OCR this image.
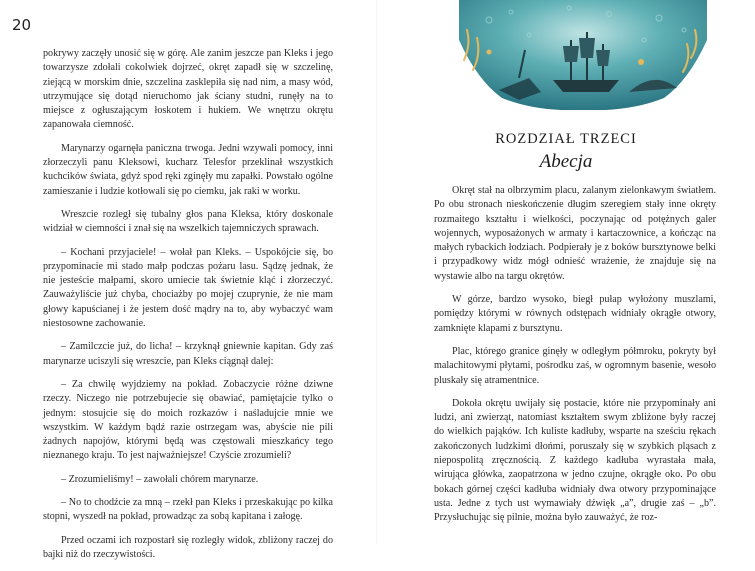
20

pokrywy zaczęły unosić się w górę. Ale zanim jeszcze pan Kleks i jego towarzysze zdołali cokolwiek dojrzeć, okręt zapadł się w szczelinę, ziejącą w morskim dnie, szczelina zasklepiła się nad nim, a masy wód, utrzymujące się dotąd nieruchomo jak ściany studni, runęły na to miejsce z ogłuszającym łoskotem i hukiem. We wnętrzu okrętu zapanowała ciemność.

Marynarzy ogarnęła paniczna trwoga. Jedni wzywali pomocy, inni złorzeczyli panu Kleksowi, kucharz Telesfor przeklinał wszystkich kuchcików świata, gdyż spod ręki zginęły mu zapałki. Powstało ogólne zamieszanie i ludzie kotłowali się po ciemku, jak raki w worku.

Wreszcie rozległ się tubalny głos pana Kleksa, który doskonale widział w ciemności i znał się na wszelkich tajemniczych sprawach.

– Kochani przyjaciele! – wołał pan Kleks. – Uspokójcie się, bo przypominacie mi stado małp podczas pożaru lasu. Sądzę jednak, że nie jesteście małpami, skoro umiecie tak świetnie kląć i złorzeczyć. Zauważyliście już chyba, chociażby po mojej czuprynie, że nie mam głowy kapuścianej i że jestem dość mądry na to, aby wybaczyć wam niestosowne zachowanie.

– Zamilczcie już, do licha! – krzyknął gniewnie kapitan. Gdy zaś marynarze uciszyli się wreszcie, pan Kleks ciągnął dalej:

– Za chwilę wyjdziemy na pokład. Zobaczycie różne dziwne rzeczy. Niczego nie potrzebujecie się obawiać, pamiętajcie tylko o jednym: stosujcie się do moich rozkazów i naśladujcie mnie we wszystkim. W każdym bądź razie ostrzegam was, abyście nie pili żadnych napojów, którymi będą was częstowali mieszkańcy tego nieznanego kraju. To jest najważniejsze! Czyście zrozumieli?

– Zrozumieliśmy! – zawołali chórem marynarze.

– No to chodźcie za mną – rzekł pan Kleks i przeskakując po kilka stopni, wyszedł na pokład, prowadząc za sobą kapitana i załogę.

Przed oczami ich rozpostarł się rozległy widok, zbliżony raczej do bajki niż do rzeczywistości.

ROZDZIAŁ TRZECI
Abecja

Okręt stał na olbrzymim placu, zalanym zielonkawym światłem. Po obu stronach nieskończenie długim szeregiem stały inne okręty rozmaitego kształtu i wielkości, poczynając od potężnych galer wojennych, wyposażonych w armaty i kartaczownice, a kończąc na małych rybackich łodziach. Podpierały je z boków bursztynowe belki i przypadkowy widz mógł odnieść wrażenie, że znajduje się na wystawie albo na targu okrętów.

W górze, bardzo wysoko, biegł pułap wyłożony muszlami, pomiędzy którymi w równych odstępach widniały okrągłe otwory, zamknięte klapami z bursztynu.

Plac, którego granice ginęły w odległym półmroku, pokryty był malachitowymi płytami, pośrodku zaś, w ogromnym basenie, wesoło pluskały się atramentnice.

Dokoła okrętu uwijały się postacie, które nie przypominały ani ludzi, ani zwierząt, natomiast kształtem swym zbliżone były raczej do wielkich pająków. Ich kuliste kadłuby, wsparte na sześciu rękach zakończonych ludzkimi dłońmi, poruszały się w szybkich pląsach z niepospolitą zręcznością. Z każdego kadłuba wyrastała mała, wirująca główka, zaopatrzona w jedno czujne, okrągłe oko. Po obu bokach górnej części kadłuba widniały dwa otwory przypominające usta. Jedne z tych ust wymawiały dźwięk „a”, drugie zaś – „b”. Przysłuchując się pilnie, można było zauważyć, że roz-
